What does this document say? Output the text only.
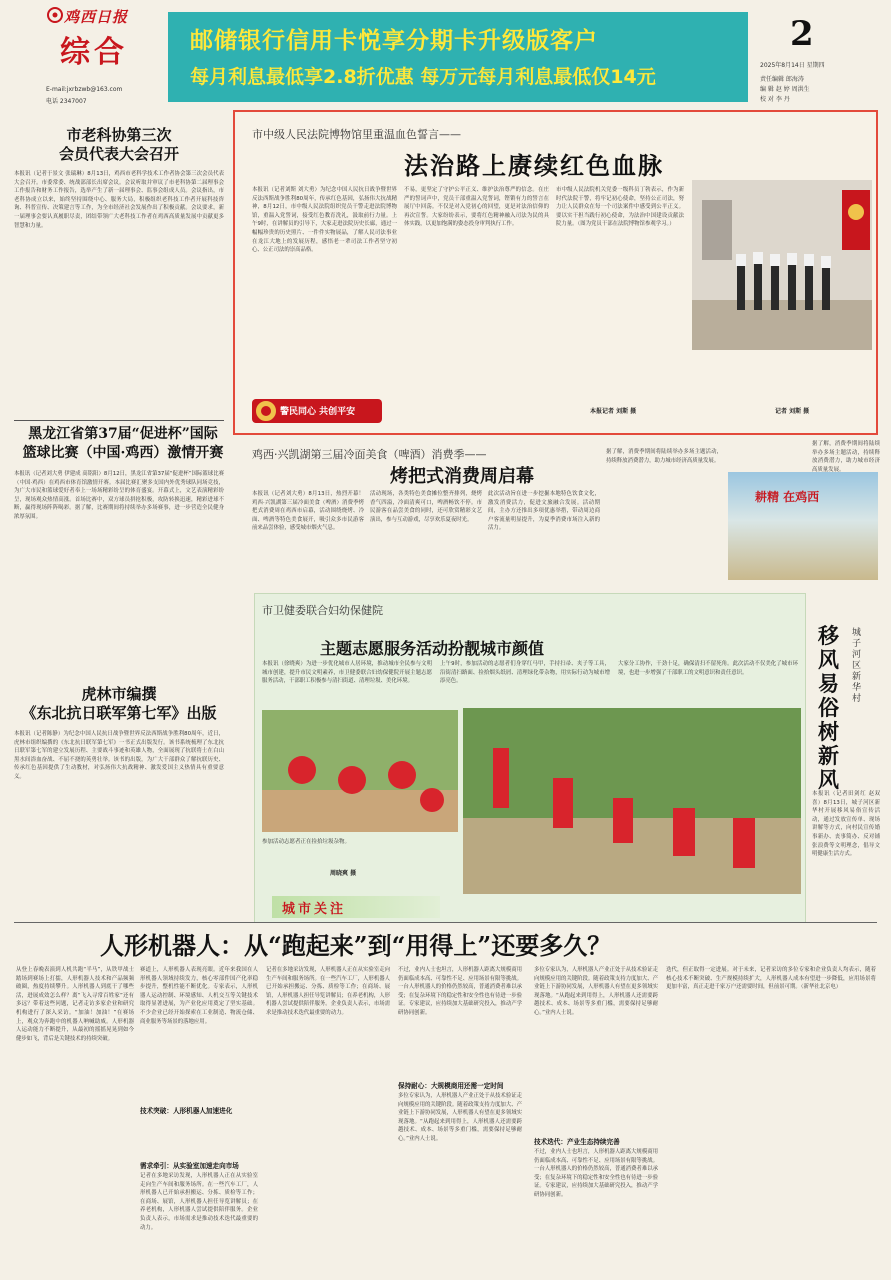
鸡西日报
综合
E-mail:jxrbzwb@163.com
电话 2347007
邮储银行信用卡悦享分期卡升级版客户
每月利息最低享2.8折优惠 每万元每月利息最低仅14元
2
2025年8月14日 星期四
责任编辑 郎海涛
编 辑 赵 婷 周洪生
校 对 李 丹
市老科协第三次
会员代表大会召开
本报讯（记者于景文 张瑞琳）8月13日，鸡西市老科学技术工作者协会第三次会员代表大会召开。市委常委、统战部部长出席会议。会议听取并审议了市老科协第二届理事会工作报告和财务工作报告，选举产生了新一届理事会、监事会组成人员。会议指出，市老科协成立以来，始终坚持围绕中心、服务大局，积极组织老科技工作者开展科技咨询、科普宣传、决策建言等工作，为全市经济社会发展作出了积极贡献。会议要求，新一届理事会要认真履职尽责，团结带领广大老科技工作者在鸡西高质量发展中贡献更多智慧和力量。
黑龙江省第37届“促进杯”国际
篮球比赛（中国·鸡西）激情开赛
本报讯（记者刘大勇 伊建成 高铭阳）8月12日，黑龙江省第37届“促进杯”国际篮球比赛（中国·鸡西）在鸡西市体育馆激情开赛。本届比赛汇聚多支国内外优秀球队同场竞技，为广大市民和篮球爱好者奉上一场场精彩纷呈的体育盛宴。开幕式上，文艺表演精彩纷呈，现场观众热情高涨。首场比赛中，双方球员拼抢积极，攻防转换迅速，精彩进球不断，赢得现场阵阵喝彩。据了解，比赛期间将持续举办多场赛事，进一步营造全民健身浓厚氛围。
虎林市编撰
《东北抗日联军第七军》出版
本报讯（记者陈静）为纪念中国人民抗日战争暨世界反法西斯战争胜利80周年，近日，虎林市组织编撰的《东北抗日联军第七军》一书正式出版发行。该书系统梳理了东北抗日联军第七军的建立发展历程、主要战斗事迹和英雄人物，全面展现了抗联将士在白山黑水间浴血奋战、不屈不挠的英勇壮举。该书的出版，为广大干部群众了解抗联历史、传承红色基因提供了生动教材，对弘扬伟大抗战精神、激发爱国主义热情具有重要意义。
市中级人民法院博物馆里重温血色誓言——
法治路上赓续红色血脉
本报讯（记者刘斯 刘大勇）为纪念中国人民抗日战争暨世界反法西斯战争胜利80周年，传承红色基因，弘扬伟大抗战精神，8月12日，市中级人民法院组织党员干警走进法院博物馆，重温入党誓词，接受红色教育洗礼，汲取前行力量。上午9时，在讲解员的引导下，大家走进法院历史长廊，通过一幅幅珍贵的历史照片、一件件实物展品，了解人民司法事业在龙江大地上的发展历程，感悟老一辈司法工作者坚守初心、公正司法的崇高品格。
不易，更坚定了守护公平正义、维护法治尊严的信念。在庄严的誓词声中，党员干部重温入党誓词，铿锵有力的誓言在展厅中回荡。不仅是对入党初心的回望，更是对法治信仰的再次宣誓。大家纷纷表示，要将红色精神融入司法为民的具体实践，以更加饱满的姿态投身审判执行工作。
市中级人民法院机关党委一级科员丁勃表示，作为新时代法院干警，将牢记初心使命，坚持公正司法，努力让人民群众在每一个司法案件中感受到公平正义。要以实干担当践行初心使命，为法治中国建设贡献法院力量。（图为党员干部在法院博物馆参观学习。）
警民同心 共创平安	本报记者 刘斯 摄	记者 刘斯 摄
鸡西·兴凯湖第三届冷面美食（啤酒）消费季——
烤把式消费周启幕
本报讯（记者刘大勇）8月13日，热烈开幕！鸡西·兴凯湖第三届冷面美食（啤酒）消费季烤把式消费周在鸡西市启幕，活动围绕烧烤、冷面、啤酒等特色美食展开，吸引众多市民游客前来品尝体验，感受城市烟火气息。
活动现场，各类特色美食摊位整齐排列，烧烤香气四溢，冷面清爽可口，啤酒畅饮不停。市民游客在品尝美食的同时，还可欣赏精彩文艺演出，参与互动游戏，尽享欢乐夏夜时光。
此次活动旨在进一步挖掘本地特色饮食文化，激发消费活力，促进文旅融合发展。活动期间，主办方还推出多项优惠举措，带动周边商户客流量明显提升，为夏季消费市场注入新的活力。
据了解，消费季期间将陆续举办多场主题活动，持续释放消费潜力，助力城市经济高质量发展。
耕精 在鸡西
市卫健委联合妇幼保健院
主题志愿服务活动扮靓城市颜值
本报讯（徐晓爽）为进一步优化城市人居环境，推动城市全民参与文明城市创建，提升市民文明素养，市卫健委联合妇幼保健院开展主题志愿服务活动，干部职工积极参与清扫街道、清理垃圾、美化环境。
上午9时，参加活动的志愿者们身穿红马甲，手持扫帚、夹子等工具，沿街清扫路面、捡拾烟头纸屑、清理绿化带杂物，用实际行动为城市增添亮色。
大家分工协作，干劲十足，确保清扫不留死角。此次活动不仅美化了城市环境，也进一步增强了干部职工的文明意识和责任意识。
参加活动志愿者正在捡拾垃圾杂物。
周晓爽 摄
城市关注
城子河区新华村
移风易俗树新风
据了解，消费季期间将陆续举办多场主题活动，持续释放消费潜力，助力城市经济高质量发展。
本报讯（记者田剑红 赵双喜）8月13日，城子河区新华村开展移风易俗宣传活动，通过发放宣传单、现场讲解等方式，向村民宣传婚事新办、丧事简办、反对铺张浪费等文明理念，倡导文明健康生活方式。
人形机器人：从“跑起来”到“用得上”还要多久？
从登上春晚表演到人机共跑“半马”，从铁甲战士踏场到赛场上打擂，人形机器人技术和产品频频破圈，热度持续攀升。人形机器人到底干了哪些活，进展成效怎么样？离“飞入寻常百姓家”还有多远？带着这些问题，记者走访多家企业和研究机构进行了深入采访。“加油！加油！”在赛场上，观众为奔跑中的机器人呐喊助威。人形机器人运动能力不断提升，从最初的摇摇晃晃到如今健步如飞，背后是关键技术的持续突破。
技术突破：人形机器人加速进化
赛道上，人形机器人表现亮眼。近年来我国在人形机器人领域持续发力，核心零部件国产化率稳步提升，整机性能不断优化。专家表示，人形机器人运动控制、环境感知、人机交互等关键技术取得显著进展，为产业化应用奠定了坚实基础。不少企业已经开始探索在工业制造、物流仓储、商业服务等场景的落地应用。
需求牵引：从实验室加速走向市场
记者在多地采访发现，人形机器人正在从实验室走向生产车间和服务场所。在一些汽车工厂，人形机器人已开始承担搬运、分拣、质检等工作；在商场、展馆，人形机器人担任导览讲解员；在养老机构，人形机器人尝试提供陪伴服务。企业负责人表示，市场需求是推动技术迭代最重要的动力。
记者在多地采访发现，人形机器人正在从实验室走向生产车间和服务场所。在一些汽车工厂，人形机器人已开始承担搬运、分拣、质检等工作；在商场、展馆，人形机器人担任导览讲解员；在养老机构，人形机器人尝试提供陪伴服务。企业负责人表示，市场需求是推动技术迭代最重要的动力。
不过，业内人士也坦言，人形机器人距离大规模商用仍面临成本高、可靠性不足、应用场景有限等挑战。一台人形机器人的价格仍然较高，普通消费者难以承受；在复杂环境下的稳定性和安全性也有待进一步验证。专家建议，应持续加大基础研究投入，推动产学研协同创新。
保持耐心：大规模商用还需一定时间
多位专家认为，人形机器人产业正处于从技术验证走向规模应用的关键阶段。随着政策支持力度加大、产业链上下游协同发展，人形机器人有望在更多领域实现落地。“从跑起来到用得上，人形机器人还需要跨越技术、成本、场景等多重门槛，需要保持足够耐心。”业内人士说。
多位专家认为，人形机器人产业正处于从技术验证走向规模应用的关键阶段。随着政策支持力度加大、产业链上下游协同发展，人形机器人有望在更多领域实现落地。“从跑起来到用得上，人形机器人还需要跨越技术、成本、场景等多重门槛，需要保持足够耐心。”业内人士说。
技术迭代：产业生态持续完善
不过，业内人士也坦言，人形机器人距离大规模商用仍面临成本高、可靠性不足、应用场景有限等挑战。一台人形机器人的价格仍然较高，普通消费者难以承受；在复杂环境下的稳定性和安全性也有待进一步验证。专家建议，应持续加大基础研究投入，推动产学研协同创新。
迭代，但正取得一定进展。对于未来，记者采访的多位专家和企业负责人均表示，随着核心技术不断突破、生产规模持续扩大，人形机器人成本有望进一步降低，应用场景将更加丰富，真正走进千家万户还需要时间，但前景可期。（新华社北京电）
